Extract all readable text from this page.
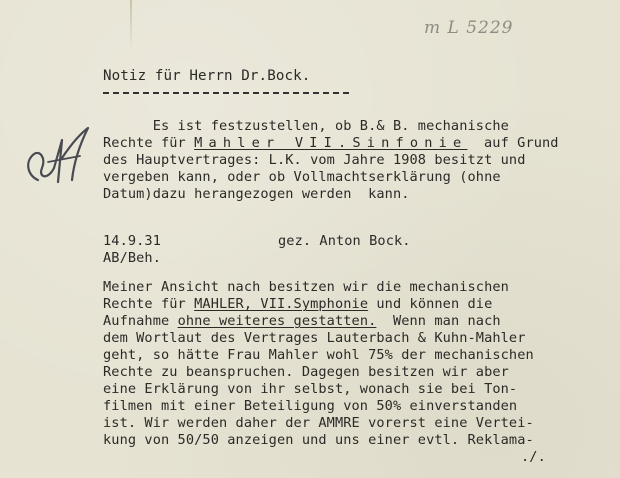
m L 5229
Notiz für Herrn Dr.Bock.
Es ist festzustellen, ob B.& B. mechanische
Rechte für Mahler VII.Sinfonie  auf Grund
des Hauptvertrages: L.K. vom Jahre 1908 besitzt und
vergeben kann, oder ob Vollmachtserklärung (ohne
Datum)dazu herangezogen werden  kann.
14.9.31	gez. Anton Bock.
AB/Beh.
Meiner Ansicht nach besitzen wir die mechanischen
Rechte für MAHLER, VII.Symphonie und können die
Aufnahme ohne weiteres gestatten.  Wenn man nach
dem Wortlaut des Vertrages Lauterbach & Kuhn-Mahler
geht, so hätte Frau Mahler wohl 75% der mechanischen
Rechte zu beanspruchen. Dagegen besitzen wir aber
eine Erklärung von ihr selbst, wonach sie bei Ton-
filmen mit einer Beteiligung von 50% einverstanden
ist. Wir werden daher der AMMRE vorerst eine Vertei-
kung von 50/50 anzeigen und uns einer evtl. Reklama-
./.
